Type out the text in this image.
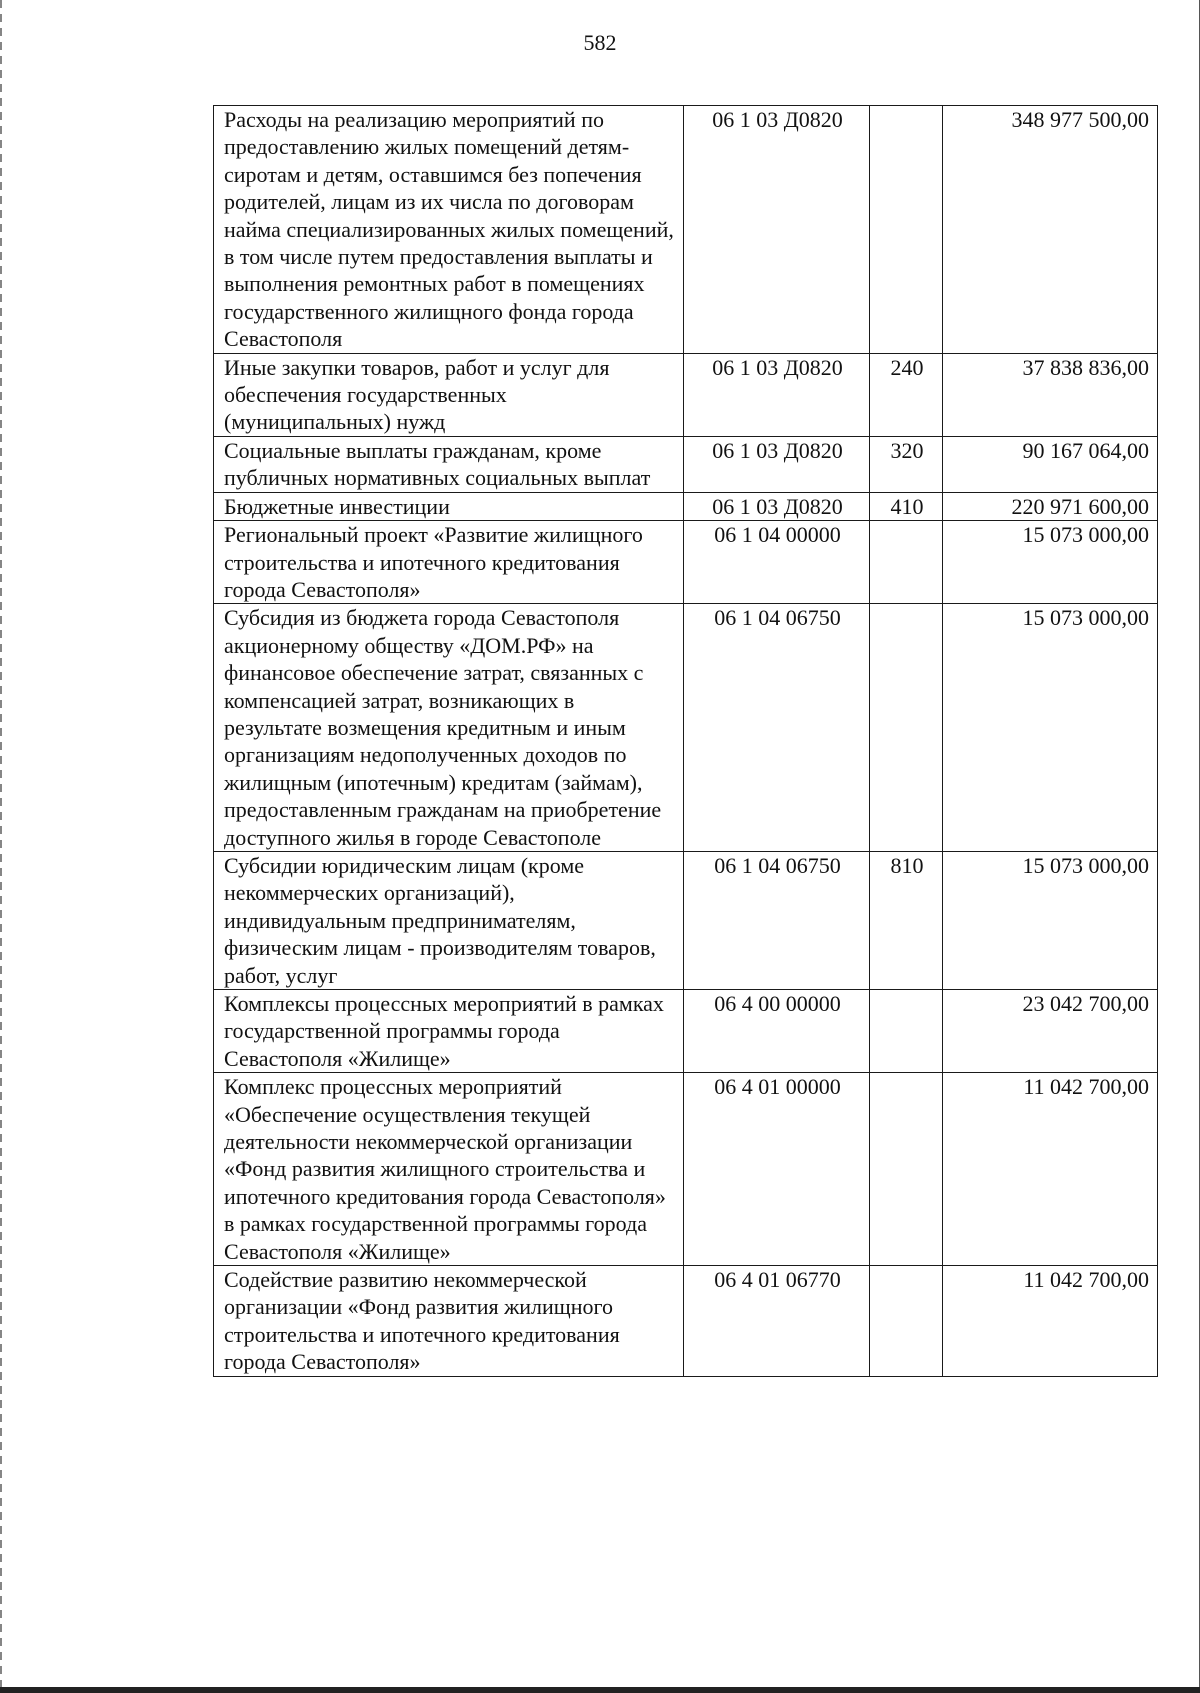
582
Расходы на реализацию мероприятий по предоставлению жилых помещений детям-сиротам и детям, оставшимся без попечения родителей, лицам из их числа по договорам найма специализированных жилых помещений, в том числе путем предоставления выплаты и выполнения ремонтных работ в помещениях государственного жилищного фонда города Севастополя	06 1 03 Д0820		348 977 500,00
Иные закупки товаров, работ и услуг для обеспечения государственных (муниципальных) нужд	06 1 03 Д0820	240	37 838 836,00
Социальные выплаты гражданам, кроме публичных нормативных социальных выплат	06 1 03 Д0820	320	90 167 064,00
Бюджетные инвестиции	06 1 03 Д0820	410	220 971 600,00
Региональный проект «Развитие жилищного строительства и ипотечного кредитования города Севастополя»	06 1 04 00000		15 073 000,00
Субсидия из бюджета города Севастополя акционерному обществу «ДОМ.РФ» на финансовое обеспечение затрат, связанных с компенсацией затрат, возникающих в результате возмещения кредитным и иным организациям недополученных доходов по жилищным (ипотечным) кредитам (займам), предоставленным гражданам на приобретение доступного жилья в городе Севастополе	06 1 04 06750		15 073 000,00
Субсидии юридическим лицам (кроме некоммерческих организаций), индивидуальным предпринимателям, физическим лицам - производителям товаров, работ, услуг	06 1 04 06750	810	15 073 000,00
Комплексы процессных мероприятий в рамках государственной программы города Севастополя «Жилище»	06 4 00 00000		23 042 700,00
Комплекс процессных мероприятий «Обеспечение осуществления текущей деятельности некоммерческой организации «Фонд развития жилищного строительства и ипотечного кредитования города Севастополя» в рамках государственной программы города Севастополя «Жилище»	06 4 01 00000		11 042 700,00
Содействие развитию некоммерческой организации «Фонд развития жилищного строительства и ипотечного кредитования города Севастополя»	06 4 01 06770		11 042 700,00
